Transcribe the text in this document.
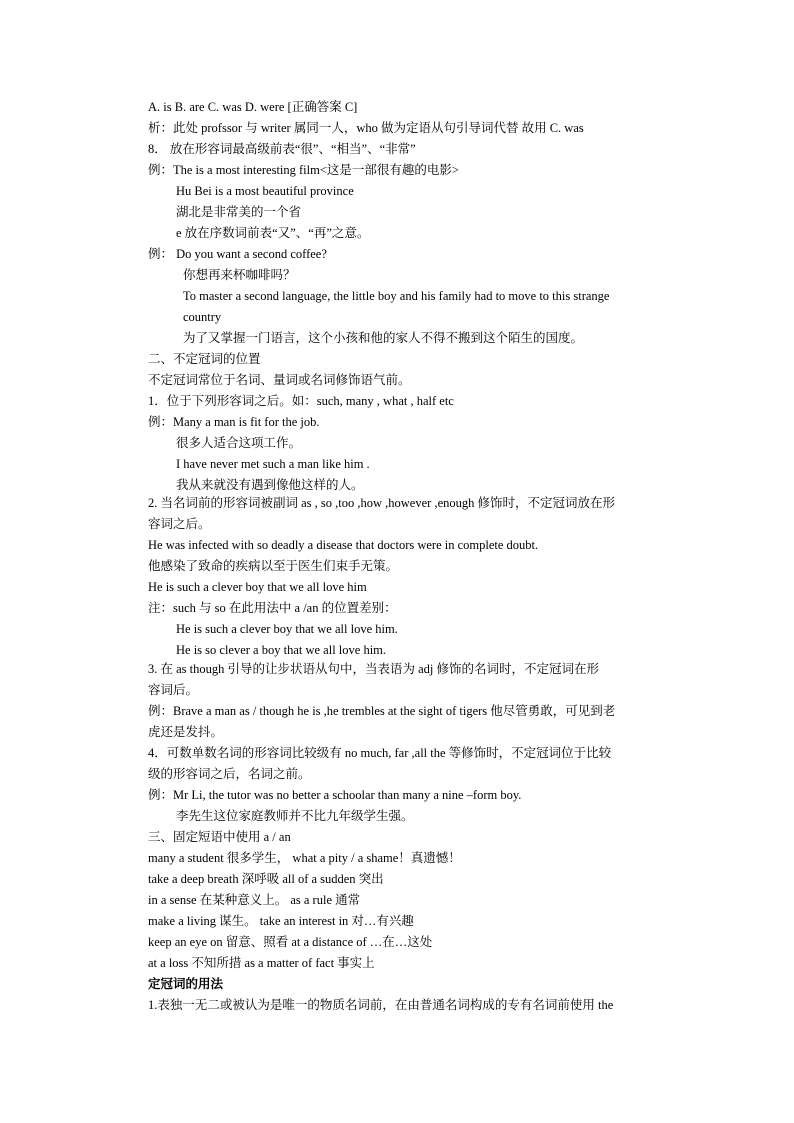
A. is B. are C. was D. were [正确答案 C]
析：此处 profssor 与 writer 属同一人，who 做为定语从句引导词代替 故用 C. was
8． 放在形容词最高级前表“很”、“相当”、“非常”
例：The is a most interesting film<这是一部很有趣的电影>
Hu Bei is a most beautiful province
湖北是非常美的一个省
e 放在序数词前表“又”、“再”之意。
例： Do you want a second coffee?
你想再来杯咖啡吗？
To master a second language, the little boy and his family had to move to this strange
country
为了又掌握一门语言，这个小孩和他的家人不得不搬到这个陌生的国度。
二、不定冠词的位置
不定冠词常位于名词、量词或名词修饰语气前。
1．位于下列形容词之后。如：such, many , what , half etc
例：Many a man is fit for the job.
很多人适合这项工作。
I have never met such a man like him .
我从来就没有遇到像他这样的人。
2. 当名词前的形容词被副词 as , so ,too ,how ,however ,enough 修饰时，不定冠词放在形
容词之后。
He was infected with so deadly a disease that doctors were in complete doubt.
他感染了致命的疾病以至于医生们束手无策。
He is such a clever boy that we all love him
注：such 与 so 在此用法中 a /an 的位置差别：
He is such a clever boy that we all love him.
He is so clever a boy that we all love him.
3. 在 as though 引导的让步状语从句中，当表语为 adj 修饰的名词时，不定冠词在形
容词后。
例：Brave a man as / though he is ,he trembles at the sight of tigers 他尽管勇敢，可见到老
虎还是发抖。
4．可数单数名词的形容词比较级有 no much, far ,all the 等修饰时，不定冠词位于比较
级的形容词之后，名词之前。
例：Mr Li, the tutor was no better a schoolar than many a nine –form boy.
李先生这位家庭教师并不比九年级学生强。
三、固定短语中使用 a / an
many a student 很多学生， what a pity / a shame！真遗憾！
take a deep breath 深呼吸 all of a sudden 突出
in a sense 在某种意义上。 as a rule 通常
make a living 谋生。 take an interest in 对…有兴趣
keep an eye on 留意、照看 at a distance of …在…这处
at a loss 不知所措 as a matter of fact 事实上
定冠词的用法
1.表独一无二或被认为是唯一的物质名词前，在由普通名词构成的专有名词前使用 the
